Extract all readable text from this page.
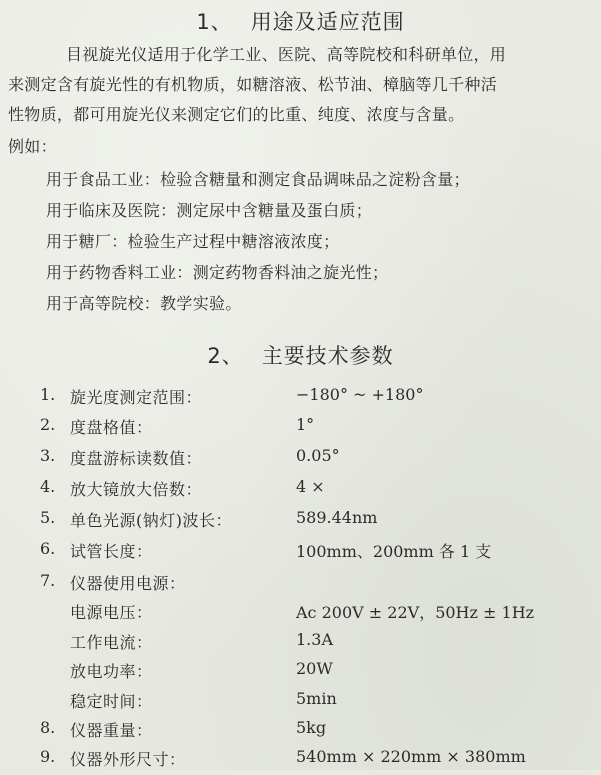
1、 用途及适应范围
目视旋光仪适用于化学工业、医院、高等院校和科研单位，用
来测定含有旋光性的有机物质，如糖溶液、松节油、樟脑等几千种活
性物质，都可用旋光仪来测定它们的比重、纯度、浓度与含量。
例如：
用于食品工业：检验含糖量和测定食品调味品之淀粉含量；
用于临床及医院：测定尿中含糖量及蛋白质；
用于糖厂：检验生产过程中糖溶液浓度；
用于药物香料工业：测定药物香料油之旋光性；
用于高等院校：教学实验。
2、 主要技术参数
1. 旋光度测定范围：	−180° ~ +180°
2. 度盘格值：	1°
3. 度盘游标读数值：	0.05°
4. 放大镜放大倍数：	4 ×
5. 单色光源(钠灯)波长：	589.44nm
6. 试管长度：	100mm、200mm 各 1 支
7. 仪器使用电源：
电源电压：	Ac 200V ± 22V，50Hz ± 1Hz
工作电流：	1.3A
放电功率：	20W
稳定时间：	5min
8. 仪器重量：	5kg
9. 仪器外形尺寸：	540mm × 220mm × 380mm
